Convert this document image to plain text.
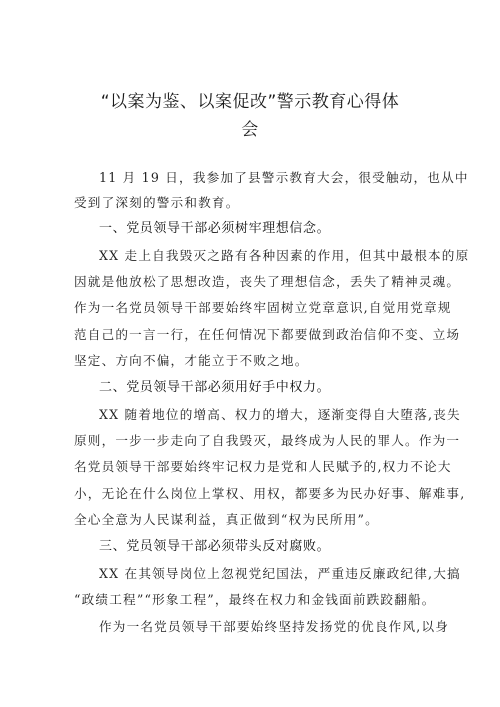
“以案为鉴、以案促改”警示教育心得体
会
11 月 19 日，我参加了县警示教育大会，很受触动，也从中
受到了深刻的警示和教育。
一、党员领导干部必须树牢理想信念。
XX 走上自我毁灭之路有各种因素的作用，但其中最根本的原
因就是他放松了思想改造，丧失了理想信念，丢失了精神灵魂。
作为一名党员领导干部要始终牢固树立党章意识,自觉用党章规
范自己的一言一行，在任何情况下都要做到政治信仰不变、立场
坚定、方向不偏，才能立于不败之地。
二、党员领导干部必须用好手中权力。
XX 随着地位的增高、权力的增大，逐渐变得自大堕落,丧失
原则，一步一步走向了自我毁灭，最终成为人民的罪人。作为一
名党员领导干部要始终牢记权力是党和人民赋予的,权力不论大
小，无论在什么岗位上掌权、用权，都要多为民办好事、解难事,
全心全意为人民谋利益，真正做到“权为民所用”。
三、党员领导干部必须带头反对腐败。
XX 在其领导岗位上忽视党纪国法，严重违反廉政纪律,大搞
“政绩工程”“形象工程”，最终在权力和金钱面前跌跤翻船。
作为一名党员领导干部要始终坚持发扬党的优良作风,以身
